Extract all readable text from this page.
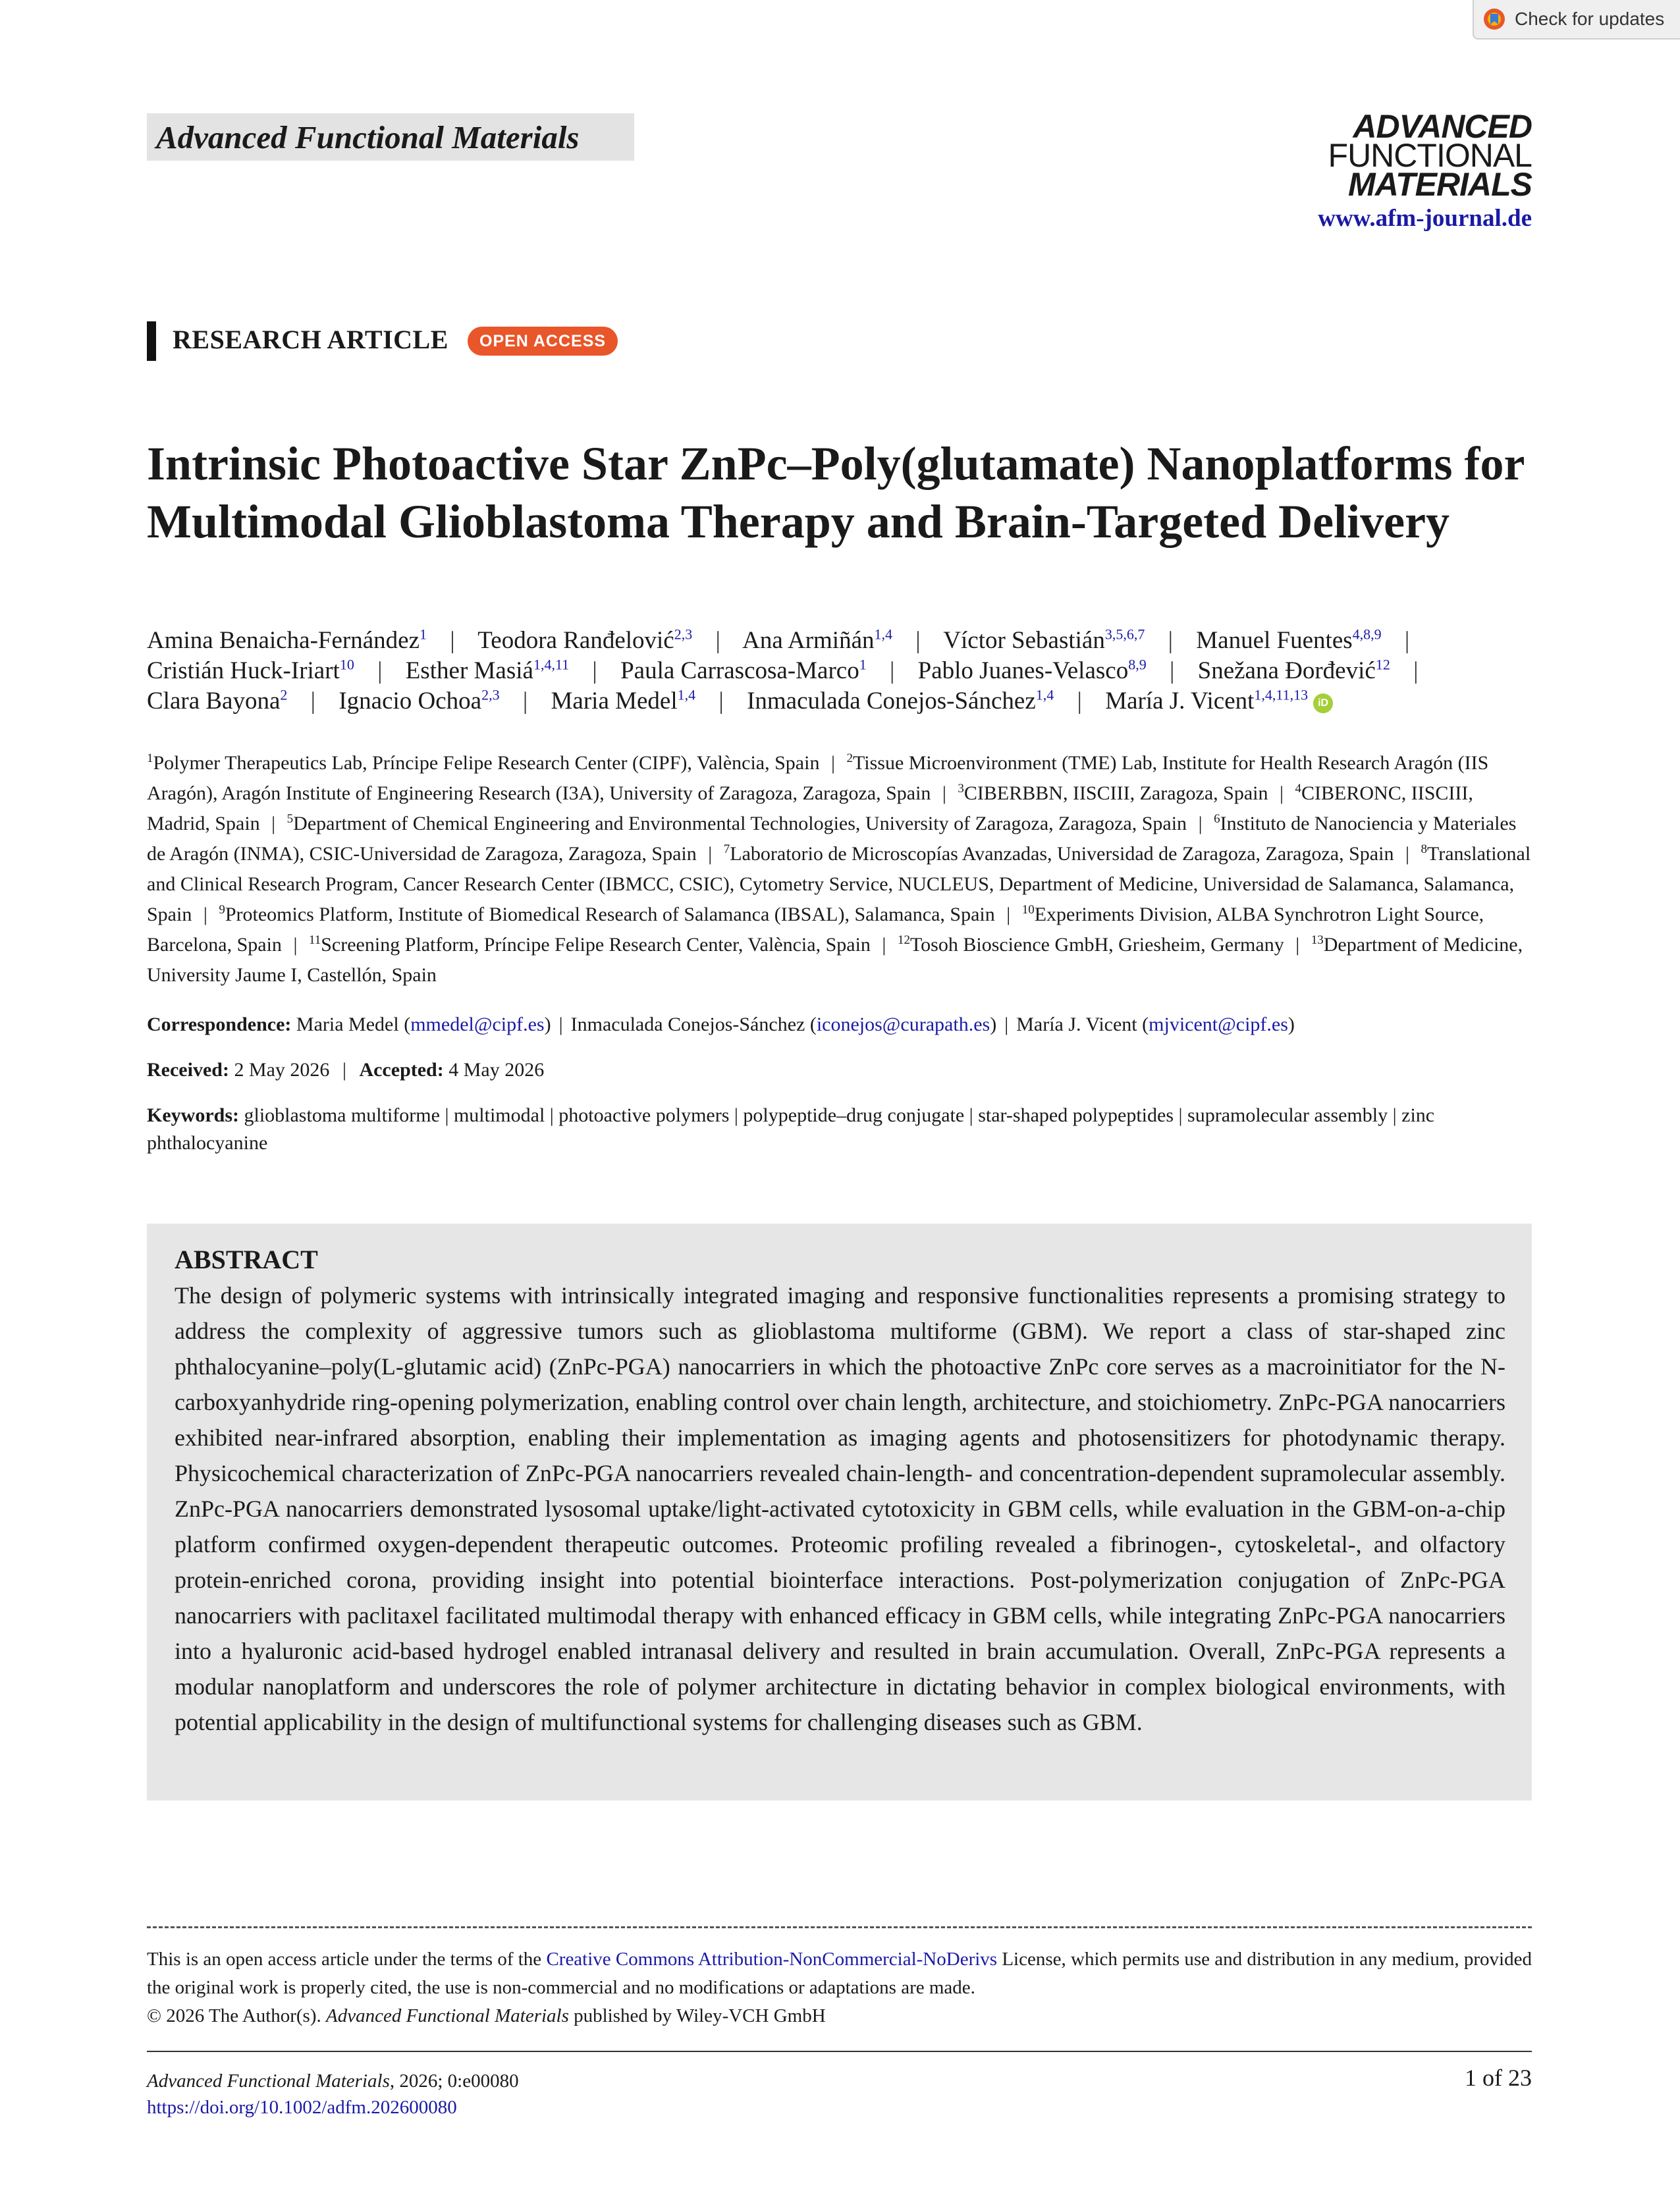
Check for updates
Advanced Functional Materials	ADVANCED
FUNCTIONAL
MATERIALS
www.afm-journal.de
RESEARCH ARTICLE	OPEN ACCESS
Intrinsic Photoactive Star ZnPc–Poly(glutamate) Nanoplatforms for Multimodal Glioblastoma Therapy and Brain-Targeted Delivery
Amina Benaicha-Fernández$^1$ | Teodora Ranđelović$^{2,3}$ | Ana Armiñán$^{1,4}$ | Víctor Sebastián$^{3,5,6,7}$ | Manuel Fuentes$^{4,8,9}$ | Cristián Huck-Iriart$^{10}$ | Esther Masiá$^{1,4,11}$ | Paula Carrascosa-Marco$^1$ | Pablo Juanes-Velasco$^{8,9}$ | Snežana Đorđević$^{12}$ | Clara Bayona$^2$ | Ignacio Ochoa$^{2,3}$ | Maria Medel$^{1,4}$ | Inmaculada Conejos-Sánchez$^{1,4}$ | María J. Vicent$^{1,4,11,13}$ iD
$^1$Polymer Therapeutics Lab, Príncipe Felipe Research Center (CIPF), València, Spain | $^2$Tissue Microenvironment (TME) Lab, Institute for Health Research Aragón (IIS Aragón), Aragón Institute of Engineering Research (I3A), University of Zaragoza, Zaragoza, Spain | $^3$CIBERBBN, IISCIII, Zaragoza, Spain | $^4$CIBERONC, IISCIII, Madrid, Spain | $^5$Department of Chemical Engineering and Environmental Technologies, University of Zaragoza, Zaragoza, Spain | $^6$Instituto de Nanociencia y Materiales de Aragón (INMA), CSIC-Universidad de Zaragoza, Zaragoza, Spain | $^7$Laboratorio de Microscopías Avanzadas, Universidad de Zaragoza, Zaragoza, Spain | $^8$Translational and Clinical Research Program, Cancer Research Center (IBMCC, CSIC), Cytometry Service, NUCLEUS, Department of Medicine, Universidad de Salamanca, Salamanca, Spain | $^9$Proteomics Platform, Institute of Biomedical Research of Salamanca (IBSAL), Salamanca, Spain | $^{10}$Experiments Division, ALBA Synchrotron Light Source, Barcelona, Spain | $^{11}$Screening Platform, Príncipe Felipe Research Center, València, Spain | $^{12}$Tosoh Bioscience GmbH, Griesheim, Germany | $^{13}$Department of Medicine, University Jaume I, Castellón, Spain
Correspondence: Maria Medel (mmedel@cipf.es) | Inmaculada Conejos-Sánchez (iconejos@curapath.es) | María J. Vicent (mjvicent@cipf.es)
Received: 2 May 2026 | Accepted: 4 May 2026
Keywords: glioblastoma multiforme | multimodal | photoactive polymers | polypeptide–drug conjugate | star-shaped polypeptides | supramolecular assembly | zinc phthalocyanine
ABSTRACT

The design of polymeric systems with intrinsically integrated imaging and responsive functionalities represents a promising strategy to address the complexity of aggressive tumors such as glioblastoma multiforme (GBM). We report a class of star-shaped zinc phthalocyanine–poly(L-glutamic acid) (ZnPc-PGA) nanocarriers in which the photoactive ZnPc core serves as a macroinitiator for the N-carboxyanhydride ring-opening polymerization, enabling control over chain length, architecture, and stoichiometry. ZnPc-PGA nanocarriers exhibited near-infrared absorption, enabling their implementation as imaging agents and photosensitizers for photodynamic therapy. Physicochemical characterization of ZnPc-PGA nanocarriers revealed chain-length- and concentration-dependent supramolecular assembly. ZnPc-PGA nanocarriers demonstrated lysosomal uptake/light-activated cytotoxicity in GBM cells, while evaluation in the GBM-on-a-chip platform confirmed oxygen-dependent therapeutic outcomes. Proteomic profiling revealed a fibrinogen-, cytoskeletal-, and olfactory protein-enriched corona, providing insight into potential biointerface interactions. Post-polymerization conjugation of ZnPc-PGA nanocarriers with paclitaxel facilitated multimodal therapy with enhanced efficacy in GBM cells, while integrating ZnPc-PGA nanocarriers into a hyaluronic acid-based hydrogel enabled intranasal delivery and resulted in brain accumulation. Overall, ZnPc-PGA represents a modular nanoplatform and underscores the role of polymer architecture in dictating behavior in complex biological environments, with potential applicability in the design of multifunctional systems for challenging diseases such as GBM.

This is an open access article under the terms of the Creative Commons Attribution-NonCommercial-NoDerivs License, which permits use and distribution in any medium, provided the original work is properly cited, the use is non-commercial and no modifications or adaptations are made.
© 2026 The Author(s). Advanced Functional Materials published by Wiley-VCH GmbH
Advanced Functional Materials, 2026; 0:e00080
https://doi.org/10.1002/adfm.202600080
1 of 23
